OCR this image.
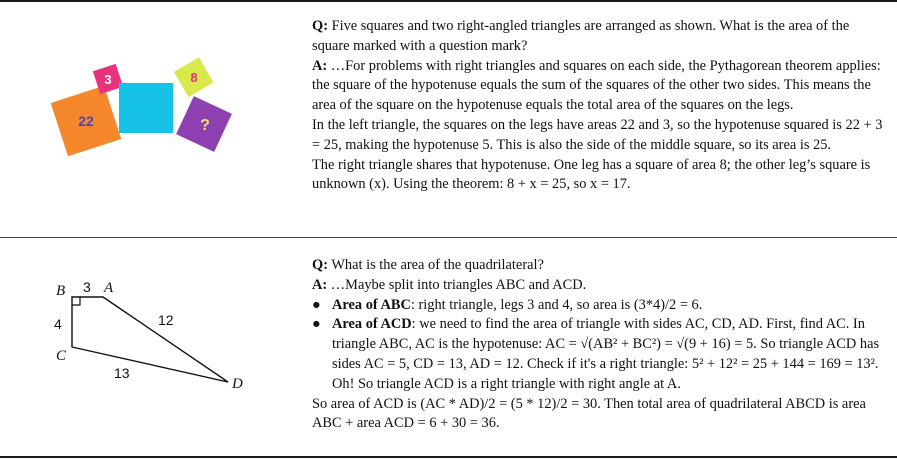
22
3	8
?

Q: Five squares and two right-angled triangles are arranged as shown. What is the area of the square marked with a question mark?

A: …For problems with right triangles and squares on each side, the Pythagorean theorem applies: the square of the hypotenuse equals the sum of the squares of the other two sides. This means the area of the square on the hypotenuse equals the total area of the squares on the legs.

In the left triangle, the squares on the legs have areas 22 and 3, so the hypotenuse squared is 22 + 3 = 25, making the hypotenuse 5. This is also the side of the middle square, so its area is 25.

The right triangle shares that hypotenuse. One leg has a square of area 8; the other leg’s square is unknown (x). Using the theorem: 8 + x = 25, so x = 17.

B	A
C
D
3
4	12
13

Q: What is the area of the quadrilateral?

A: …Maybe split into triangles ABC and ACD.

● Area of ABC: right triangle, legs 3 and 4, so area is (3*4)/2 = 6.
● Area of ACD: we need to find the area of triangle with sides AC, CD, AD. First, find AC. In triangle ABC, AC is the hypotenuse: AC = √(AB² + BC²) = √(9 + 16) = 5. So triangle ACD has sides AC = 5, CD = 13, AD = 12. Check if it's a right triangle: 5² + 12² = 25 + 144 = 169 = 13². Oh! So triangle ACD is a right triangle with right angle at A.

So area of ACD is (AC * AD)/2 = (5 * 12)/2 = 30. Then total area of quadrilateral ABCD is area ABC + area ACD = 6 + 30 = 36.
